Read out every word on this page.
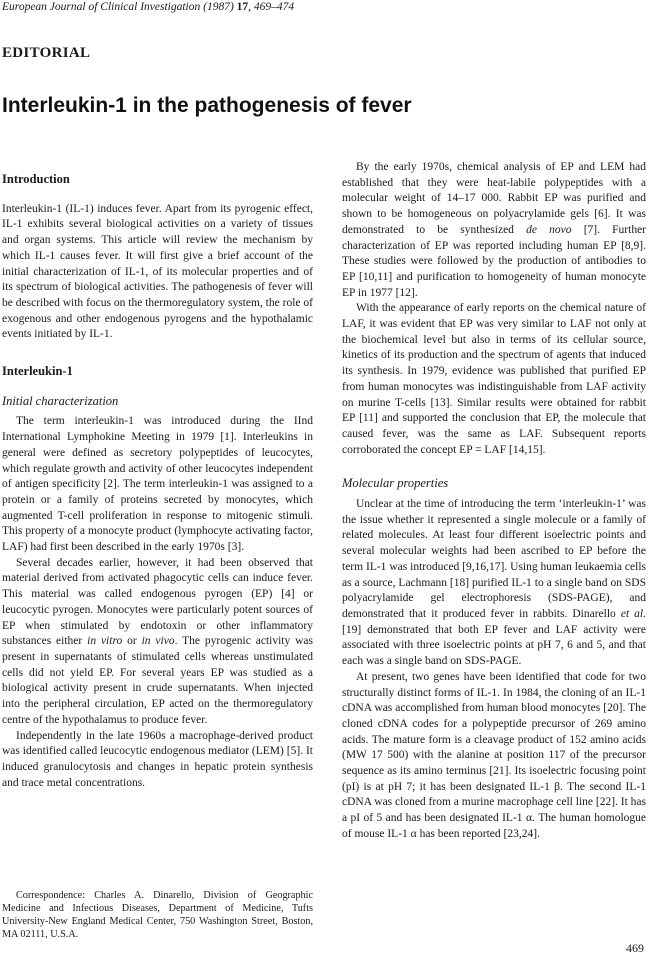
European Journal of Clinical Investigation (1987) 17, 469–474
EDITORIAL
Interleukin-1 in the pathogenesis of fever
Introduction

Interleukin-1 (IL-1) induces fever. Apart from its pyrogenic effect, IL-1 exhibits several biological activities on a variety of tissues and organ systems. This article will review the mechanism by which IL-1 causes fever. It will first give a brief account of the initial characterization of IL-1, of its molecular properties and of its spectrum of biological activities. The pathogenesis of fever will be described with focus on the thermoregulatory system, the role of exogenous and other endogenous pyrogens and the hypothalamic events initiated by IL-1.

Interleukin-1
Initial characterization

The term interleukin-1 was introduced during the IInd International Lymphokine Meeting in 1979 [1]. Interleukins in general were defined as secretory polypeptides of leucocytes, which regulate growth and activity of other leucocytes independent of antigen specificity [2]. The term interleukin-1 was assigned to a protein or a family of proteins secreted by monocytes, which augmented T-cell proliferation in response to mitogenic stimuli. This property of a monocyte product (lymphocyte activating factor, LAF) had first been described in the early 1970s [3].

Several decades earlier, however, it had been observed that material derived from activated phagocytic cells can induce fever. This material was called endogenous pyrogen (EP) [4] or leucocytic pyrogen. Monocytes were particularly potent sources of EP when stimulated by endotoxin or other inflammatory substances either in vitro or in vivo. The pyrogenic activity was present in supernatants of stimulated cells whereas unstimulated cells did not yield EP. For several years EP was studied as a biological activity present in crude supernatants. When injected into the peripheral circulation, EP acted on the thermoregulatory centre of the hypothalamus to produce fever.

Independently in the late 1960s a macrophage-derived product was identified called leucocytic endogenous mediator (LEM) [5]. It induced granulocytosis and changes in hepatic protein synthesis and trace metal concentrations.

Correspondence: Charles A. Dinarello, Division of Geographic Medicine and Infectious Diseases, Department of Medicine, Tufts University-New England Medical Center, 750 Washington Street, Boston, MA 02111, U.S.A.

By the early 1970s, chemical analysis of EP and LEM had established that they were heat-labile polypeptides with a molecular weight of 14–17 000. Rabbit EP was purified and shown to be homogeneous on polyacrylamide gels [6]. It was demonstrated to be synthesized de novo [7]. Further characterization of EP was reported including human EP [8,9]. These studies were followed by the production of antibodies to EP [10,11] and purification to homogeneity of human monocyte EP in 1977 [12].

With the appearance of early reports on the chemical nature of LAF, it was evident that EP was very similar to LAF not only at the biochemical level but also in terms of its cellular source, kinetics of its production and the spectrum of agents that induced its synthesis. In 1979, evidence was published that purified EP from human monocytes was indistinguishable from LAF activity on murine T-cells [13]. Similar results were obtained for rabbit EP [11] and supported the conclusion that EP, the molecule that caused fever, was the same as LAF. Subsequent reports corroborated the concept EP = LAF [14,15].

Molecular properties

Unclear at the time of introducing the term ‘interleukin-1’ was the issue whether it represented a single molecule or a family of related molecules. At least four different isoelectric points and several molecular weights had been ascribed to EP before the term IL-1 was introduced [9,16,17]. Using human leukaemia cells as a source, Lachmann [18] purified IL-1 to a single band on SDS polyacrylamide gel electrophoresis (SDS-PAGE), and demonstrated that it produced fever in rabbits. Dinarello et al. [19] demonstrated that both EP fever and LAF activity were associated with three isoelectric points at pH 7, 6 and 5, and that each was a single band on SDS-PAGE.

At present, two genes have been identified that code for two structurally distinct forms of IL-1. In 1984, the cloning of an IL-1 cDNA was accomplished from human blood monocytes [20]. The cloned cDNA codes for a polypeptide precursor of 269 amino acids. The mature form is a cleavage product of 152 amino acids (MW 17 500) with the alanine at position 117 of the precursor sequence as its amino terminus [21]. Its isoelectric focusing point (pI) is at pH 7; it has been designated IL-1 β. The second IL-1 cDNA was cloned from a murine macrophage cell line [22]. It has a pI of 5 and has been designated IL-1 α. The human homologue of mouse IL-1 α has been reported [23,24].

469
